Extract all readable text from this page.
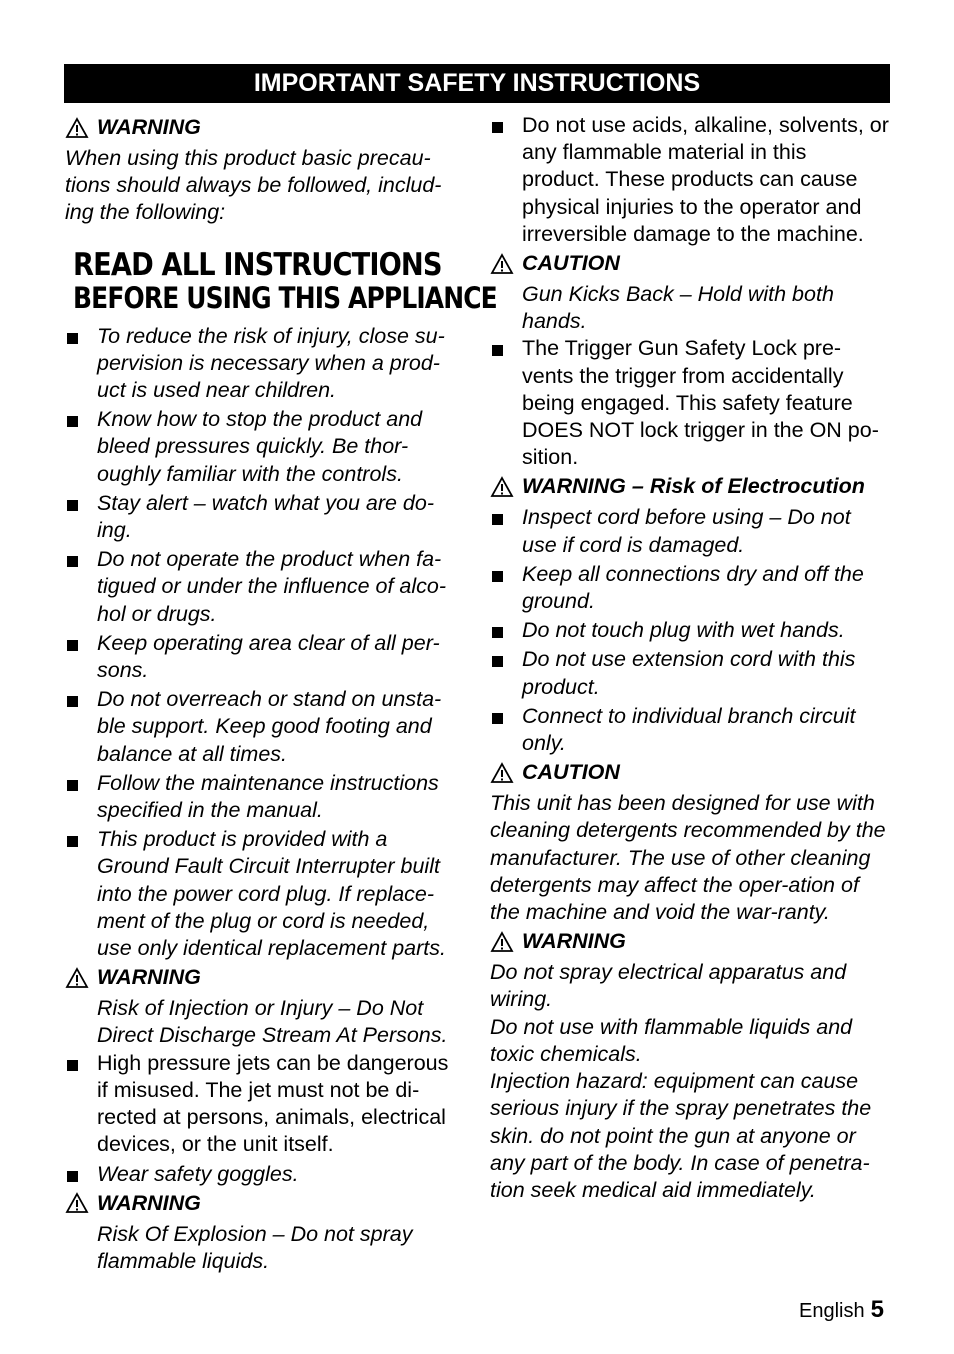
IMPORTANT SAFETY INSTRUCTIONS
WARNING

When using this product basic precau-tions should always be followed, includ-ing the following:

READ ALL INSTRUCTIONS
BEFORE USING THIS APPLIANCE

To reduce the risk of injury, close su-pervision is necessary when a prod-uct is used near children.

Know how to stop the product and bleed pressures quickly. Be thor-oughly familiar with the controls.

Stay alert – watch what you are do-ing.

Do not operate the product when fa-tigued or under the influence of alco-hol or drugs.

Keep operating area clear of all per-sons.

Do not overreach or stand on unsta-ble support. Keep good footing and balance at all times.

Follow the maintenance instructions specified in the manual.

This product is provided with a Ground Fault Circuit Interrupter built into the power cord plug. If replace-ment of the plug or cord is needed, use only identical replacement parts.

WARNING

Risk of Injection or Injury – Do Not Direct Discharge Stream At Persons.

High pressure jets can be dangerous if misused. The jet must not be di-rected at persons, animals, electrical devices, or the unit itself.

Wear safety goggles.

WARNING

Risk Of Explosion – Do not spray flammable liquids.

Do not use acids, alkaline, solvents, or any flammable material in this product. These products can cause physical injuries to the operator and irreversible damage to the machine.

CAUTION

Gun Kicks Back – Hold with both hands.

The Trigger Gun Safety Lock pre-vents the trigger from accidentally being engaged. This safety feature DOES NOT lock trigger in the ON po-sition.

WARNING – Risk of Electrocution

Inspect cord before using – Do not use if cord is damaged.

Keep all connections dry and off the ground.

Do not touch plug with wet hands.

Do not use extension cord with this product.

Connect to individual branch circuit only.

CAUTION

This unit has been designed for use with cleaning detergents recommended by the manufacturer. The use of other cleaning detergents may affect the oper-ation of the machine and void the war-ranty.

WARNING

Do not spray electrical apparatus and wiring.

Do not use with flammable liquids and toxic chemicals.

Injection hazard: equipment can cause serious injury if the spray penetrates the skin. do not point the gun at anyone or any part of the body. In case of penetra-tion seek medical aid immediately.

English 5
